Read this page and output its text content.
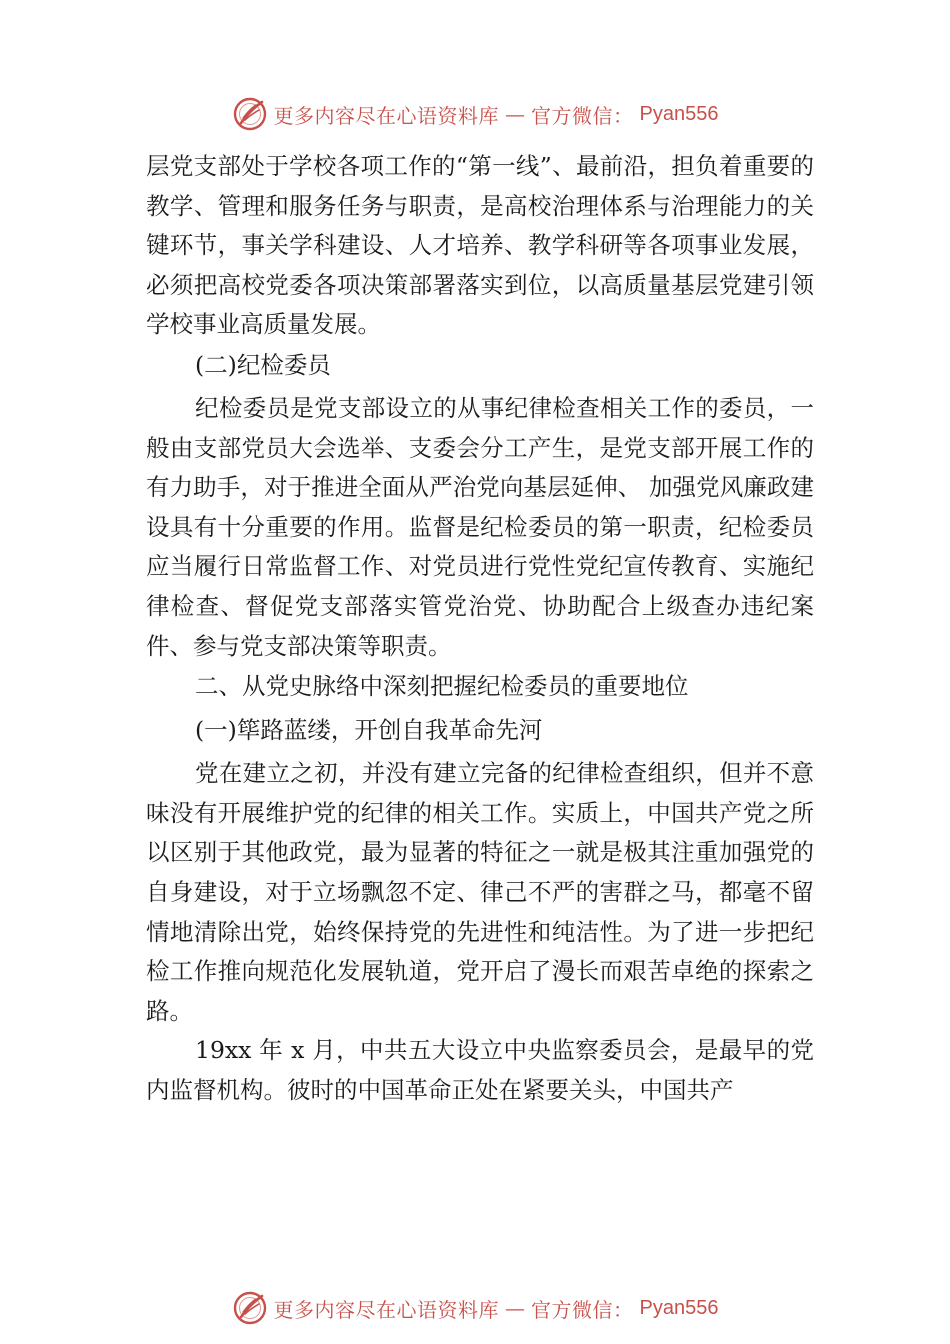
更多内容尽在心语资料库 — 官方微信： Pyan556

层党支部处于学校各项工作的“第一线”、最前沿，担负着重要的教学、管理和服务任务与职责，是高校治理体系与治理能力的关键环节，事关学科建设、人才培养、教学科研等各项事业发展，必须把高校党委各项决策部署落实到位，以高质量基层党建引领学校事业高质量发展。

(二)纪检委员

纪检委员是党支部设立的从事纪律检查相关工作的委员，一般由支部党员大会选举、支委会分工产生，是党支部开展工作的有力助手，对于推进全面从严治党向基层延伸、 加强党风廉政建设具有十分重要的作用。监督是纪检委员的第一职责，纪检委员应当履行日常监督工作、对党员进行党性党纪宣传教育、实施纪律检查、督促党支部落实管党治党、协助配合上级查办违纪案件、参与党支部决策等职责。

二、从党史脉络中深刻把握纪检委员的重要地位

(一)筚路蓝缕，开创自我革命先河

党在建立之初，并没有建立完备的纪律检查组织，但并不意味没有开展维护党的纪律的相关工作。实质上，中国共产党之所以区别于其他政党，最为显著的特征之一就是极其注重加强党的自身建设，对于立场飘忽不定、律己不严的害群之马，都毫不留情地清除出党，始终保持党的先进性和纯洁性。为了进一步把纪检工作推向规范化发展轨道，党开启了漫长而艰苦卓绝的探索之路。

19xx 年 x 月，中共五大设立中央监察委员会，是最早的党内监督机构。彼时的中国革命正处在紧要关头，中国共产

更多内容尽在心语资料库 — 官方微信： Pyan556
